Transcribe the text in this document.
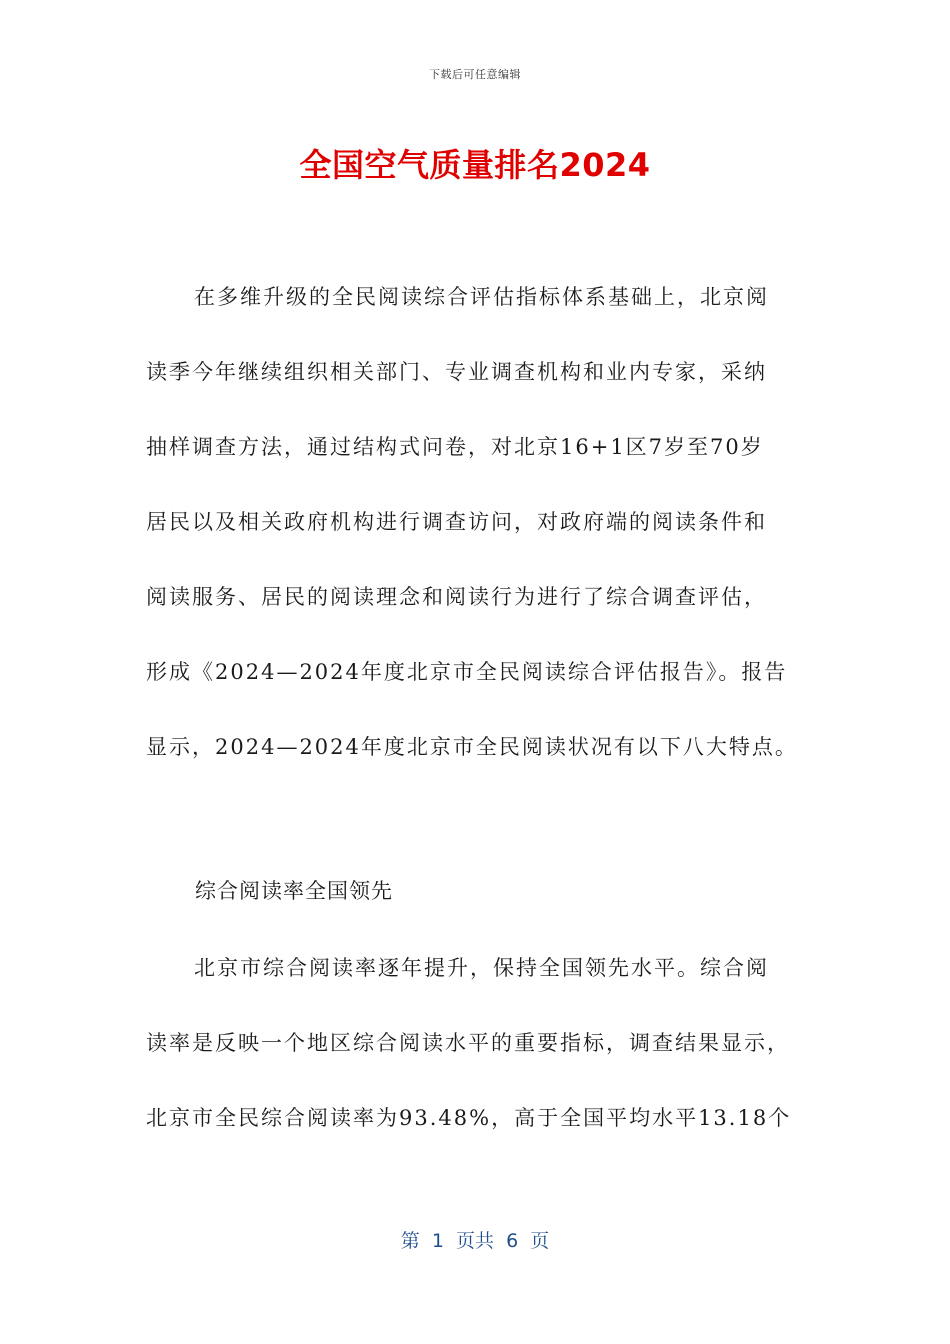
下载后可任意编辑
全国空气质量排名2024
在多维升级的全民阅读综合评估指标体系基础上，北京阅
读季今年继续组织相关部门、专业调查机构和业内专家，采纳
抽样调查方法，通过结构式问卷，对北京16+1区7岁至70岁
居民以及相关政府机构进行调查访问，对政府端的阅读条件和
阅读服务、居民的阅读理念和阅读行为进行了综合调查评估，
形成《2024—2024年度北京市全民阅读综合评估报告》。报告
显示，2024—2024年度北京市全民阅读状况有以下八大特点。
综合阅读率全国领先
北京市综合阅读率逐年提升，保持全国领先水平。综合阅
读率是反映一个地区综合阅读水平的重要指标，调查结果显示，
北京市全民综合阅读率为93.48%，高于全国平均水平13.18个
第  1  页共  6  页
